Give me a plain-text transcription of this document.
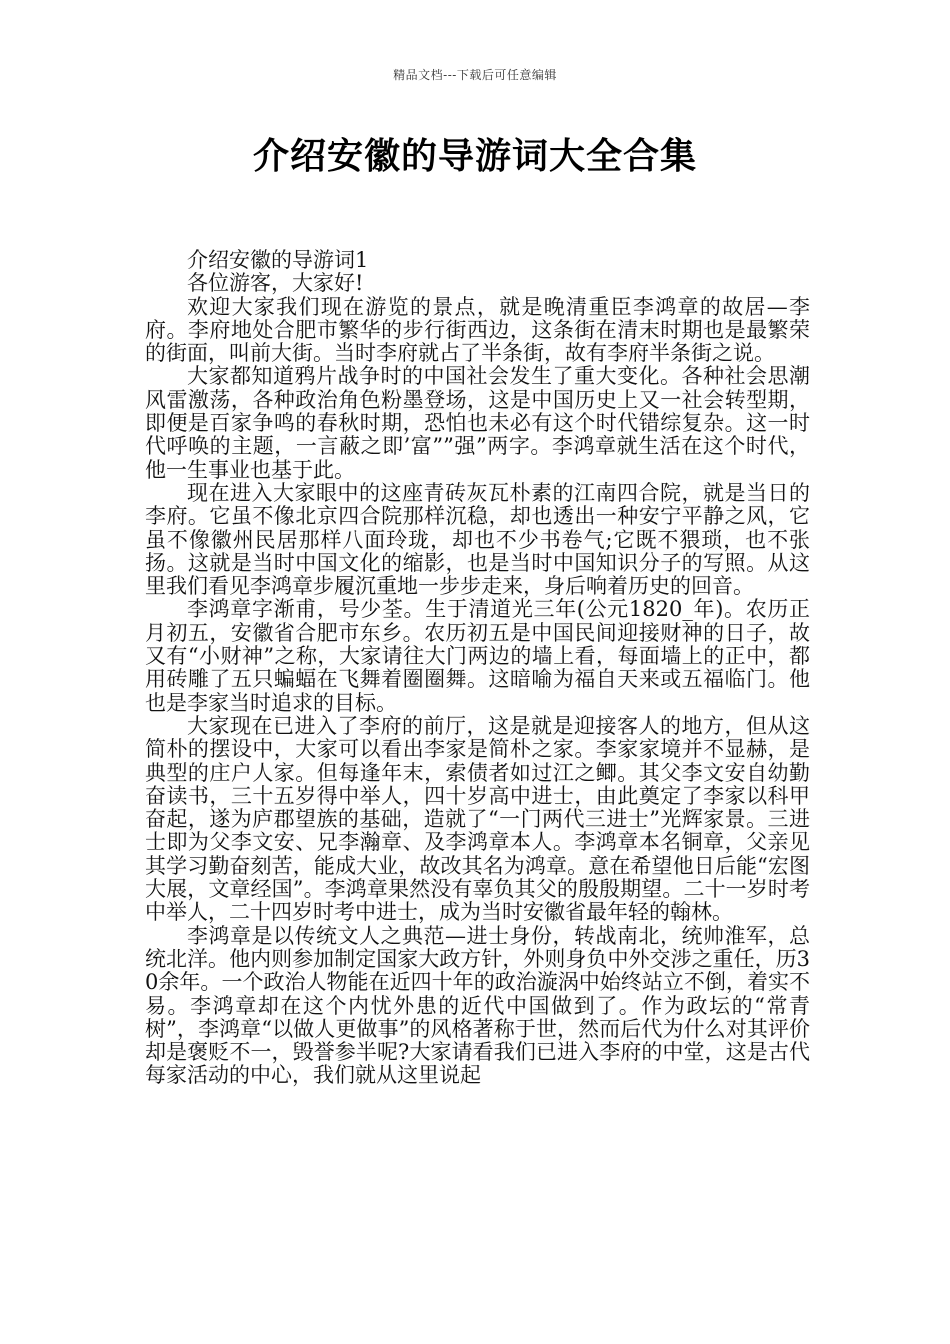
精品文档---下载后可任意编辑
介绍安徽的导游词大全合集

介绍安徽的导游词1

各位游客，大家好!

欢迎大家我们现在游览的景点，就是晚清重臣李鸿章的故居—李府。李府地处合肥市繁华的步行街西边，这条街在清末时期也是最繁荣的街面，叫前大街。当时李府就占了半条街，故有李府半条街之说。

大家都知道鸦片战争时的中国社会发生了重大变化。各种社会思潮风雷激荡，各种政治角色粉墨登场，这是中国历史上又一社会转型期，即便是百家争鸣的春秋时期，恐怕也未必有这个时代错综复杂。这一时代呼唤的主题，一言蔽之即’富””强”两字。李鸿章就生活在这个时代，他一生事业也基于此。

现在进入大家眼中的这座青砖灰瓦朴素的江南四合院，就是当日的李府。它虽不像北京四合院那样沉稳，却也透出一种安宁平静之风，它虽不像徽州民居那样八面玲珑，却也不少书卷气;它既不猥琐，也不张扬。这就是当时中国文化的缩影，也是当时中国知识分子的写照。从这里我们看见李鸿章步履沉重地一步步走来，身后响着历史的回音。

李鸿章字渐甫，号少荃。生于清道光三年(公元1820_年)。农历正月初五，安徽省合肥市东乡。农历初五是中国民间迎接财神的日子，故又有“小财神”之称，大家请往大门两边的墙上看，每面墙上的正中，都用砖雕了五只蝙蝠在飞舞着圈圈舞。这暗喻为福自天来或五福临门。他也是李家当时追求的目标。

大家现在已进入了李府的前厅，这是就是迎接客人的地方，但从这简朴的摆设中，大家可以看出李家是简朴之家。李家家境并不显赫，是典型的庄户人家。但每逢年末，索债者如过江之鲫。其父李文安自幼勤奋读书，三十五岁得中举人，四十岁高中进士，由此奠定了李家以科甲奋起，遂为庐郡望族的基础，造就了“一门两代三进士”光辉家景。三进士即为父李文安、兄李瀚章、及李鸿章本人。李鸿章本名铜章，父亲见其学习勤奋刻苦，能成大业，故改其名为鸿章。意在希望他日后能“宏图大展，文章经国”。李鸿章果然没有辜负其父的殷殷期望。二十一岁时考中举人，二十四岁时考中进士，成为当时安徽省最年轻的翰林。

李鸿章是以传统文人之典范—进士身份，转战南北，统帅淮军，总统北洋。他内则参加制定国家大政方针，外则身负中外交涉之重任，历30余年。一个政治人物能在近四十年的政治漩涡中始终站立不倒，着实不易。李鸿章却在这个内忧外患的近代中国做到了。作为政坛的“常青树”，李鸿章“以做人更做事”的风格著称于世，然而后代为什么对其评价却是褒贬不一，毁誉参半呢?大家请看我们已进入李府的中堂，这是古代每家活动的中心，我们就从这里说起
